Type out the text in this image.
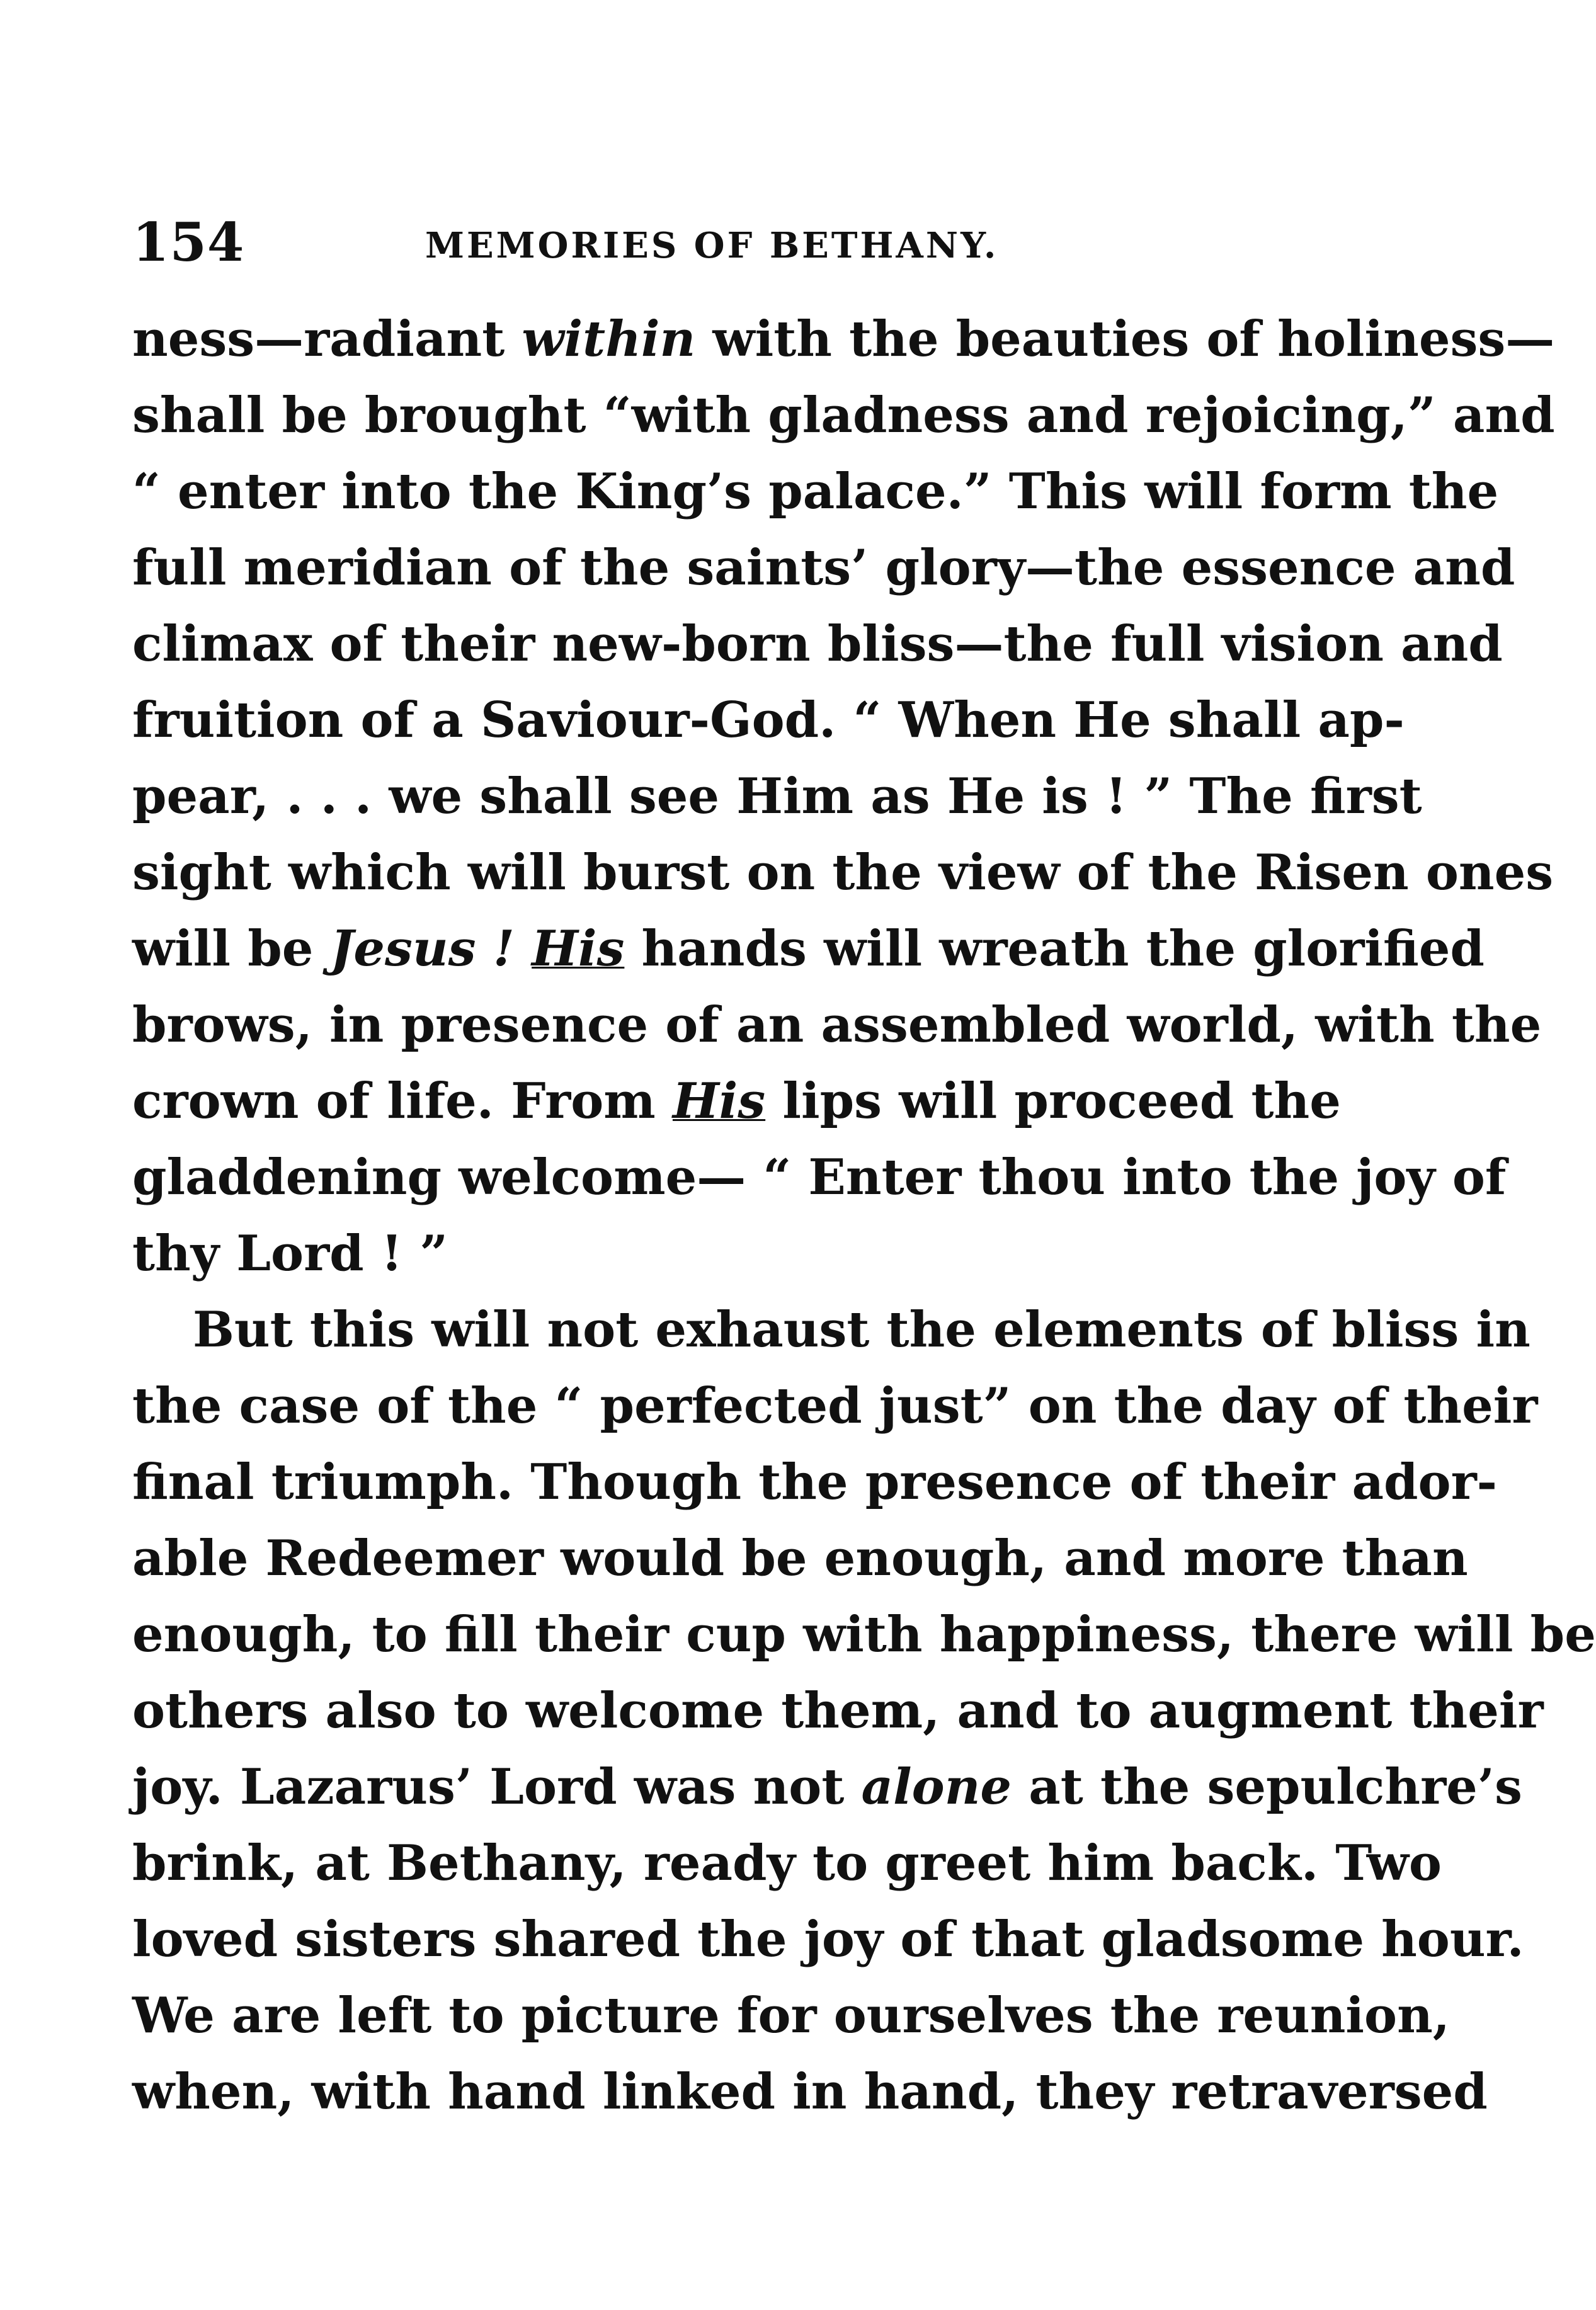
154	MEMORIES OF BETHANY.
ness—radiant within with the beauties of holiness—
shall be brought “with gladness and rejoicing,” and
“ enter into the King’s palace.” This will form the
full meridian of the saints’ glory—the essence and
climax of their new-born bliss—the full vision and
fruition of a Saviour-God. “ When He shall ap-
pear, . . . we shall see Him as He is ! ” The first
sight which will burst on the view of the Risen ones
will be Jesus ! His hands will wreath the glorified
brows, in presence of an assembled world, with the
crown of life. From His lips will proceed the
gladdening welcome— “ Enter thou into the joy of
thy Lord ! ”
But this will not exhaust the elements of bliss in
the case of the “ perfected just” on the day of their
final triumph. Though the presence of their ador-
able Redeemer would be enough, and more than
enough, to fill their cup with happiness, there will be
others also to welcome them, and to augment their
joy. Lazarus’ Lord was not alone at the sepulchre’s
brink, at Bethany, ready to greet him back. Two
loved sisters shared the joy of that gladsome hour.
We are left to picture for ourselves the reunion,
when, with hand linked in hand, they retraversed
